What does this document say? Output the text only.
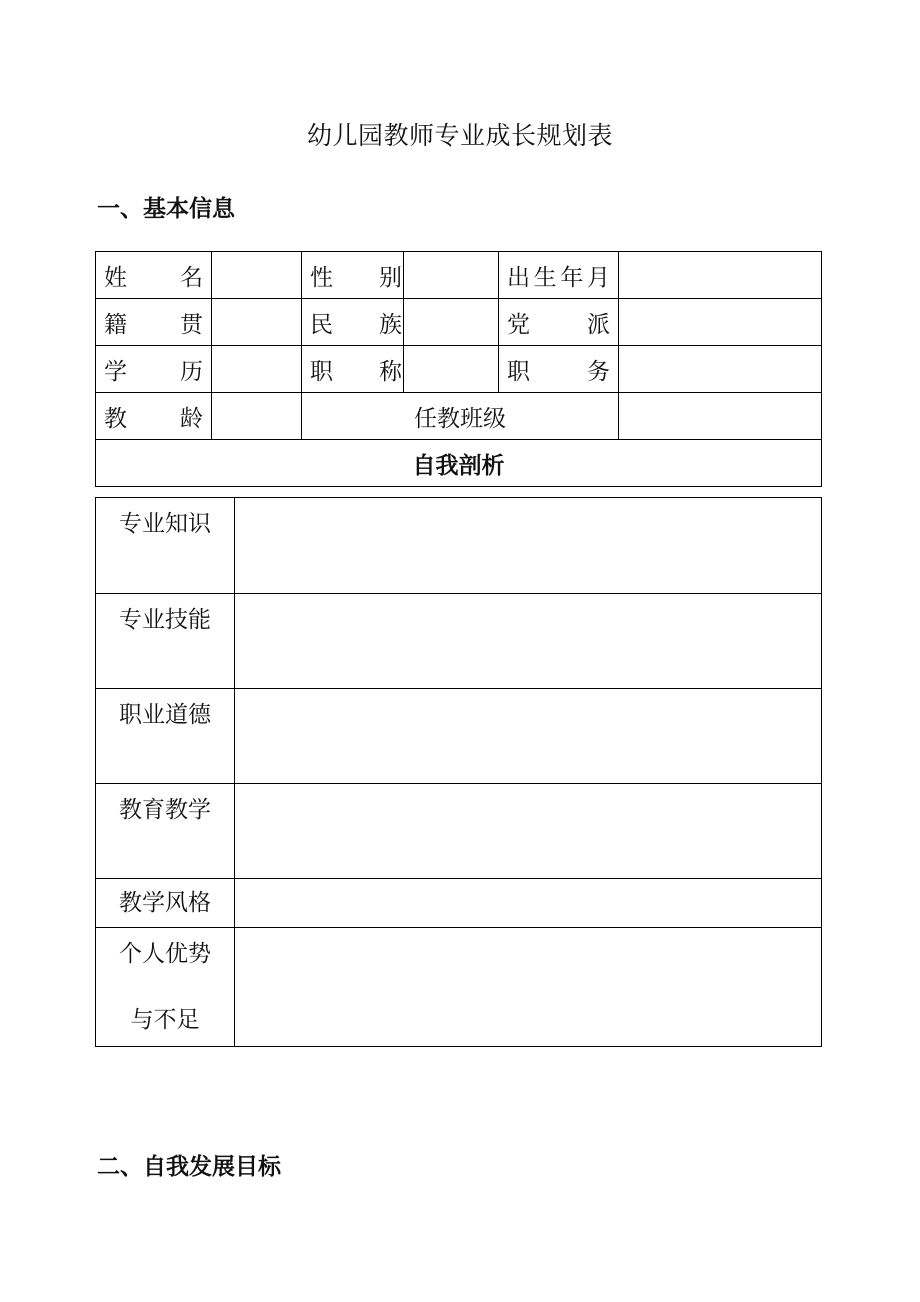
幼儿园教师专业成长规划表
一、基本信息
姓　　名		性　　别		出生年月	

籍　　贯		民　　族		党　　派	

学　　历		职　　称		职　　务	

教　　龄		任教班级			
自我剖析					
专业知识	
专业技能	
职业道德	
教育教学	
教学风格	
个人优势
与不足	

二、自我发展目标
